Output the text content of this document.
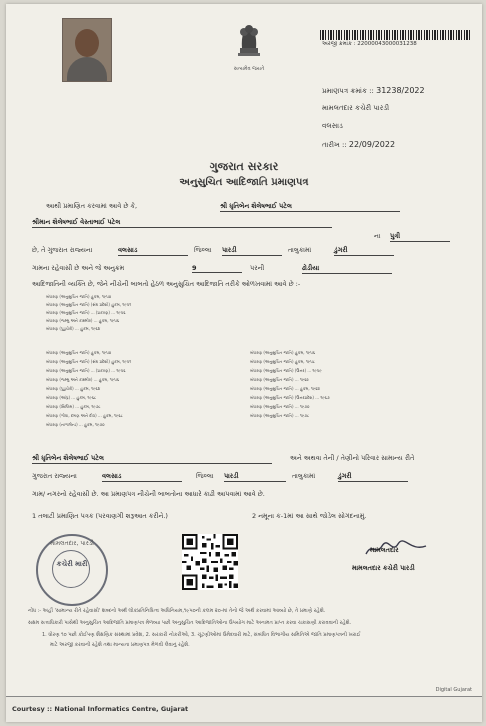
સત્યમેવ જયતે
અરજી ક્રમાંક : 22000043000031238
પ્રમાણપત્ર ક્રમાંક :: 31238/2022
મામલતદાર કચેરી પારડી
વલસાડ
તારીખ :: 22/09/2022
ગુજરાત સરકાર
અનુસુચિત આદિજાતિ પ્રમાણપત્ર
આથી પ્રમાણિત કરવામાં આવે છે કે,	શ્રી ધૃતિબેન શૈલેષભાઈ પટેલ
શ્રીમાન શૈલેષભાઈ વેસ્તાભાઈ પટેલ
ના પુત્રી
છે, તે ગુજરાત રાજ્યના	વલસાડ	જિલ્લા પારડી	તાલુકામાં	ડુંગરી
ગામના રહેવાસી છે અને જે અનુક્રમ	9	પરની	ઢોડીયા
આદિજાતિની વ્યક્તિ છે, જેને નીચેની બાબતો હેઠળ અનુસુચિત આદિજાતિ તરીકે ઓળખવામાં આવે છે :-
બંધારણ (અનુસુચિત જાતિ) હુકમ, ૧૯૫૦
બંધારણ (અનુસુચિત જાતિ) (સંઘ પ્રદેશો) હુકમ, ૧૯૫૧
બંધારણ (અનુસુચિત જાતિ) ... (પ્રકરણ) ... ૧૯૫૬
બંધારણ (જમ્મુ અને કાશ્મીર) ... હુકમ, ૧૯૫૬
બંધારણ (પુડુચેરી) ... હુકમ, ૧૯૬૪
બંધારણ (અનુસુચિત જાતિ) હુકમ, ૧૯૫૦
બંધારણ (અનુસુચિત જાતિ) (સંઘ પ્રદેશો) હુકમ, ૧૯૫૧
બંધારણ (અનુસુચિત જાતિ) ... (પ્રકરણ) ... ૧૯૫૬
બંધારણ (જમ્મુ અને કાશ્મીર) ... હુકમ, ૧૯૫૬
બંધારણ (પુડુચેરી) ... હુકમ, ૧૯૬૪
બંધારણ (આંધ્ર) ... હુકમ, ૧૯૬૮
બંધારણ (સિક્કિમ) ... હુકમ, ૧૯૭૮
બંધારણ (ગોવા, દમણ અને દીવ) ... હુકમ, ૧૯૬૮
બંધારણ (નાગાલેન્ડ) ... હુકમ, ૧૯૭૦
બંધારણ (અનુસુચિત જાતિ) હુકમ, ૧૯૫૬
બંધારણ (અનુસુચિત જાતિ) હુકમ, ૧૯૫૮
બંધારણ (અનુસુચિત જાતિ) (ઉત્તર) ... ૧૯૫૯
બંધારણ (અનુસુચિત જાતિ) ... ૧૯૬૨
બંધારણ (અનુસુચિત જાતિ) ... હુકમ, ૧૯૬૪
બંધારણ (અનુસુચિત જાતિ) (ઉત્તરપ્રદેશ) ... ૧૯૬૭
બંધારણ (અનુસુચિત જાતિ) ... ૧૯૭૦
બંધારણ (અનુસુચિત જાતિ) ... ૧૯૭૮
શ્રી ધૃતિબેન શૈલેષભાઈ પટેલ	અને અથવા તેની / તેણીનો પરિવાર સામાન્ય રીતે
ગુજરાત રાજ્યના	વલસાડ	જિલ્લા પારડી	તાલુકામાં	ડુંગરી
ગામ/ નગરનો રહેવાસી છે. આ પ્રમાણપત્ર નીચેની બાબતોના આધારે કાઢી આપવામાં આવે છે.
1 તલાટી પ્રમાણિત પત્રક (પરવાણગી શરૂઆત કરીને.)	2 નમૂના ક-1માં આ સાથે જોડેલ સોગંદનામું.
મામલતદાર, પારડી
કચેરી મારી
મામલતદાર
મામલતદાર કચેરી પારડી
નોંધ :- અહીં 'સામાન્ય રીતે રહેવાસી' શબ્દનો અર્થ લોકપ્રતિનિધિત્વ અધિનિયમ,૧૯૫૦ની કલમ ૨૦-માં તેનો જે અર્થ કરવામાં આવ્યો છે, તે પ્રમાણે રહેશે.
સક્ષમ સત્તાધિકારી પાસેથી અનુસુચિત આદિજાતિ પ્રમાણપત્ર મેળવ્યા પછી અનુસુચિત આદિજાતિઓના ઉપયોગ માટે અનામત પ્રાપ્ત કરવા ચકાસણી કરાવવાની રહેશે.
1. ધોરણ ૧૦ પછી કોઈપણ શૈક્ષણિક સંસ્થામાં પ્રવેશ, 2. સરકારી નોકરીઓ, 3. ચૂંટણીઓમાં ઉમેદવારી માટે, સંબંધિત વિભાગીય સમિતિએ જાતિ પ્રમાણપત્રની ખરાઈ
માટે અરજી કરવાની રહેશે તથા માન્યતા પ્રમાણપત્ર મેળવી લેવાનું રહેશે.
Digital Gujarat
Courtesy :: National Informatics Centre, Gujarat
